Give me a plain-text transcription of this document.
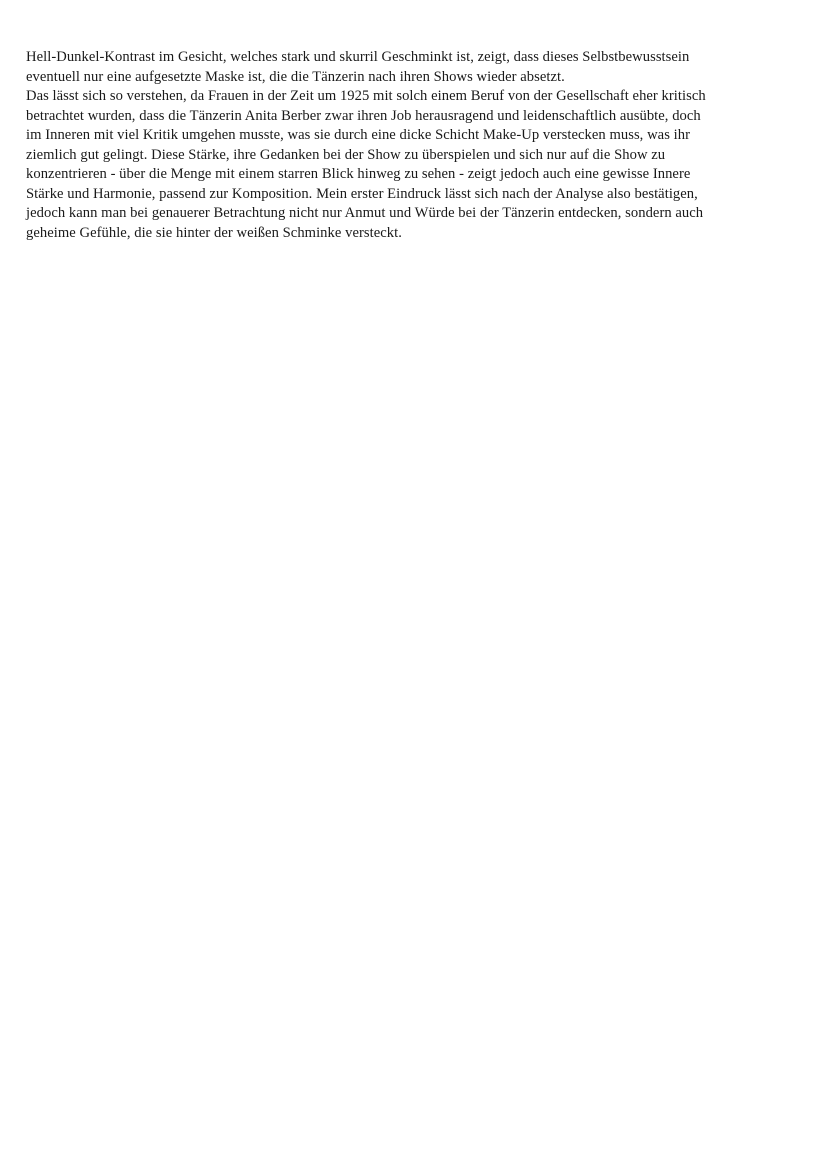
Hell-Dunkel-Kontrast im Gesicht, welches stark und skurril Geschminkt ist, zeigt, dass dieses Selbstbewusstsein
eventuell nur eine aufgesetzte Maske ist, die die Tänzerin nach ihren Shows wieder absetzt.
Das lässt sich so verstehen, da Frauen in der Zeit um 1925 mit solch einem Beruf von der Gesellschaft eher kritisch
betrachtet wurden, dass die Tänzerin Anita Berber zwar ihren Job herausragend und leidenschaftlich ausübte, doch
im Inneren mit viel Kritik umgehen musste, was sie durch eine dicke Schicht Make-Up verstecken muss, was ihr
ziemlich gut gelingt. Diese Stärke, ihre Gedanken bei der Show zu überspielen und sich nur auf die Show zu
konzentrieren - über die Menge mit einem starren Blick hinweg zu sehen - zeigt jedoch auch eine gewisse Innere
Stärke und Harmonie, passend zur Komposition. Mein erster Eindruck lässt sich nach der Analyse also bestätigen,
jedoch kann man bei genauerer Betrachtung nicht nur Anmut und Würde bei der Tänzerin entdecken, sondern auch
geheime Gefühle, die sie hinter der weißen Schminke versteckt.
